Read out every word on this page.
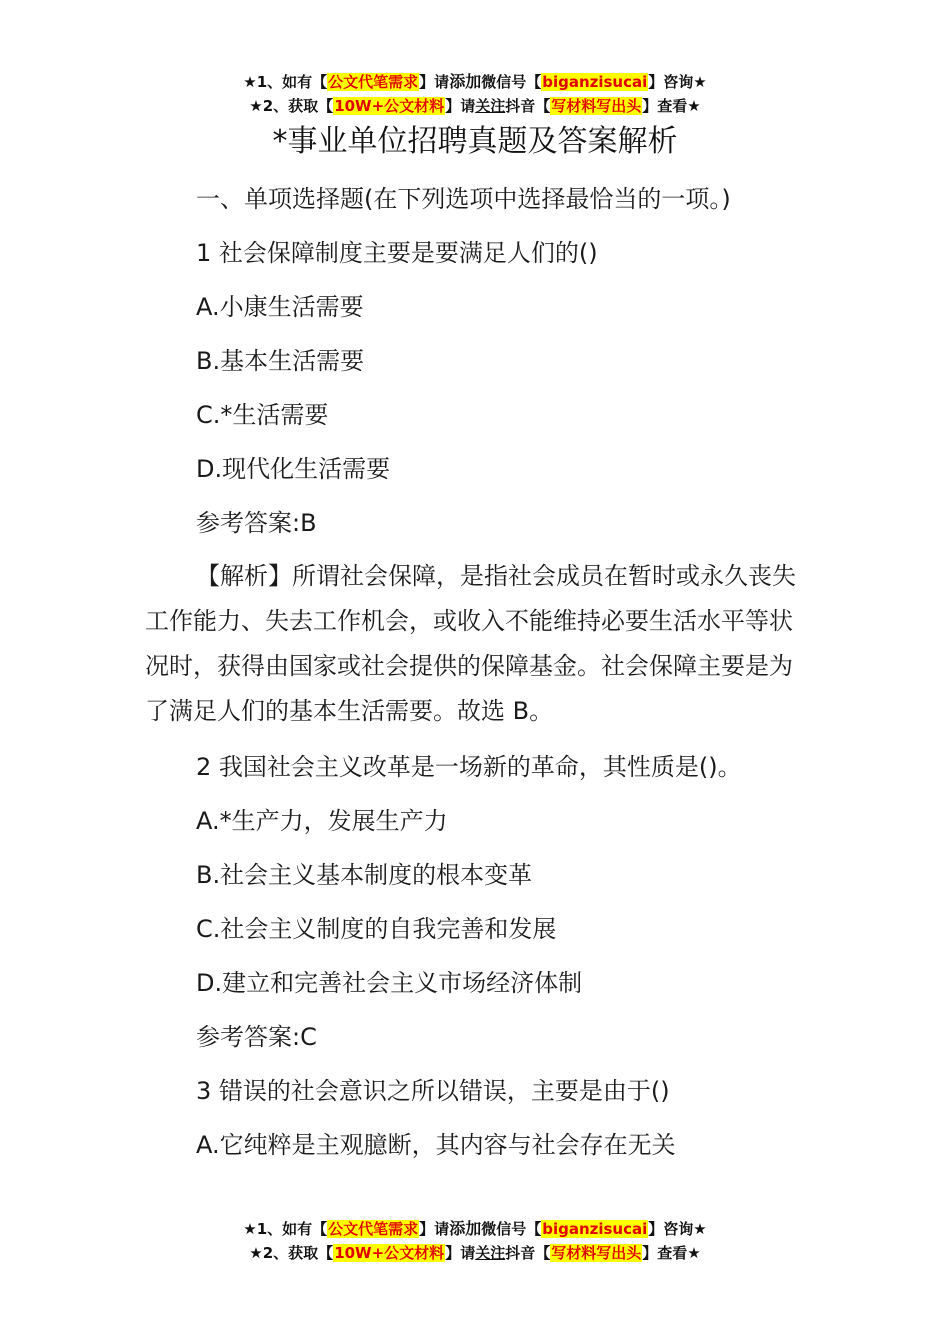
★1、如有【公文代笔需求】请添加微信号【biganzisucai】咨询★
★2、获取【10W+公文材料】请关注抖音【写材料写出头】查看★
*事业单位招聘真题及答案解析

一、单项选择题(在下列选项中选择最恰当的一项。)

1 社会保障制度主要是要满足人们的()

A.小康生活需要

B.基本生活需要

C.*生活需要

D.现代化生活需要

参考答案:B

【解析】所谓社会保障，是指社会成员在暂时或永久丧失工作能力、失去工作机会，或收入不能维持必要生活水平等状况时，获得由国家或社会提供的保障基金。社会保障主要是为了满足人们的基本生活需要。故选 B。

2 我国社会主义改革是一场新的革命，其性质是()。

A.*生产力，发展生产力

B.社会主义基本制度的根本变革

C.社会主义制度的自我完善和发展

D.建立和完善社会主义市场经济体制

参考答案:C

3 错误的社会意识之所以错误，主要是由于()

A.它纯粹是主观臆断，其内容与社会存在无关

★1、如有【公文代笔需求】请添加微信号【biganzisucai】咨询★
★2、获取【10W+公文材料】请关注抖音【写材料写出头】查看★
